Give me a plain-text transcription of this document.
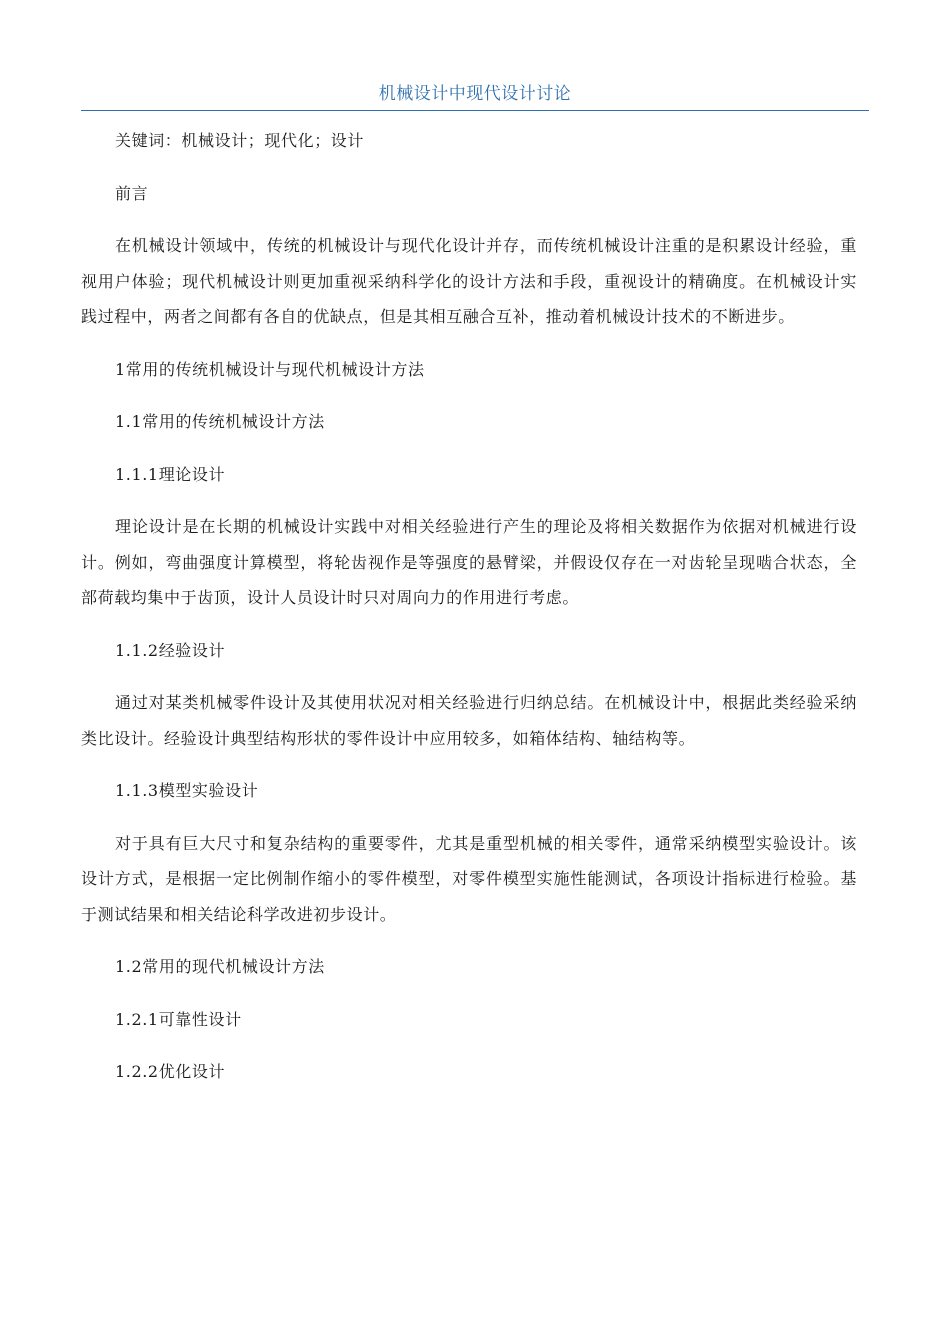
机械设计中现代设计讨论

关键词：机械设计；现代化；设计

前言

在机械设计领域中，传统的机械设计与现代化设计并存，而传统机械设计注重的是积累设计经验，重视用户体验；现代机械设计则更加重视采纳科学化的设计方法和手段，重视设计的精确度。在机械设计实践过程中，两者之间都有各自的优缺点，但是其相互融合互补，推动着机械设计技术的不断进步。

1常用的传统机械设计与现代机械设计方法

1.1常用的传统机械设计方法

1.1.1理论设计

理论设计是在长期的机械设计实践中对相关经验进行产生的理论及将相关数据作为依据对机械进行设计。例如，弯曲强度计算模型，将轮齿视作是等强度的悬臂梁，并假设仅存在一对齿轮呈现啮合状态，全部荷载均集中于齿顶，设计人员设计时只对周向力的作用进行考虑。

1.1.2经验设计

通过对某类机械零件设计及其使用状况对相关经验进行归纳总结。在机械设计中，根据此类经验采纳类比设计。经验设计典型结构形状的零件设计中应用较多，如箱体结构、轴结构等。

1.1.3模型实验设计

对于具有巨大尺寸和复杂结构的重要零件，尤其是重型机械的相关零件，通常采纳模型实验设计。该设计方式，是根据一定比例制作缩小的零件模型，对零件模型实施性能测试，各项设计指标进行检验。基于测试结果和相关结论科学改进初步设计。

1.2常用的现代机械设计方法

1.2.1可靠性设计

1.2.2优化设计
